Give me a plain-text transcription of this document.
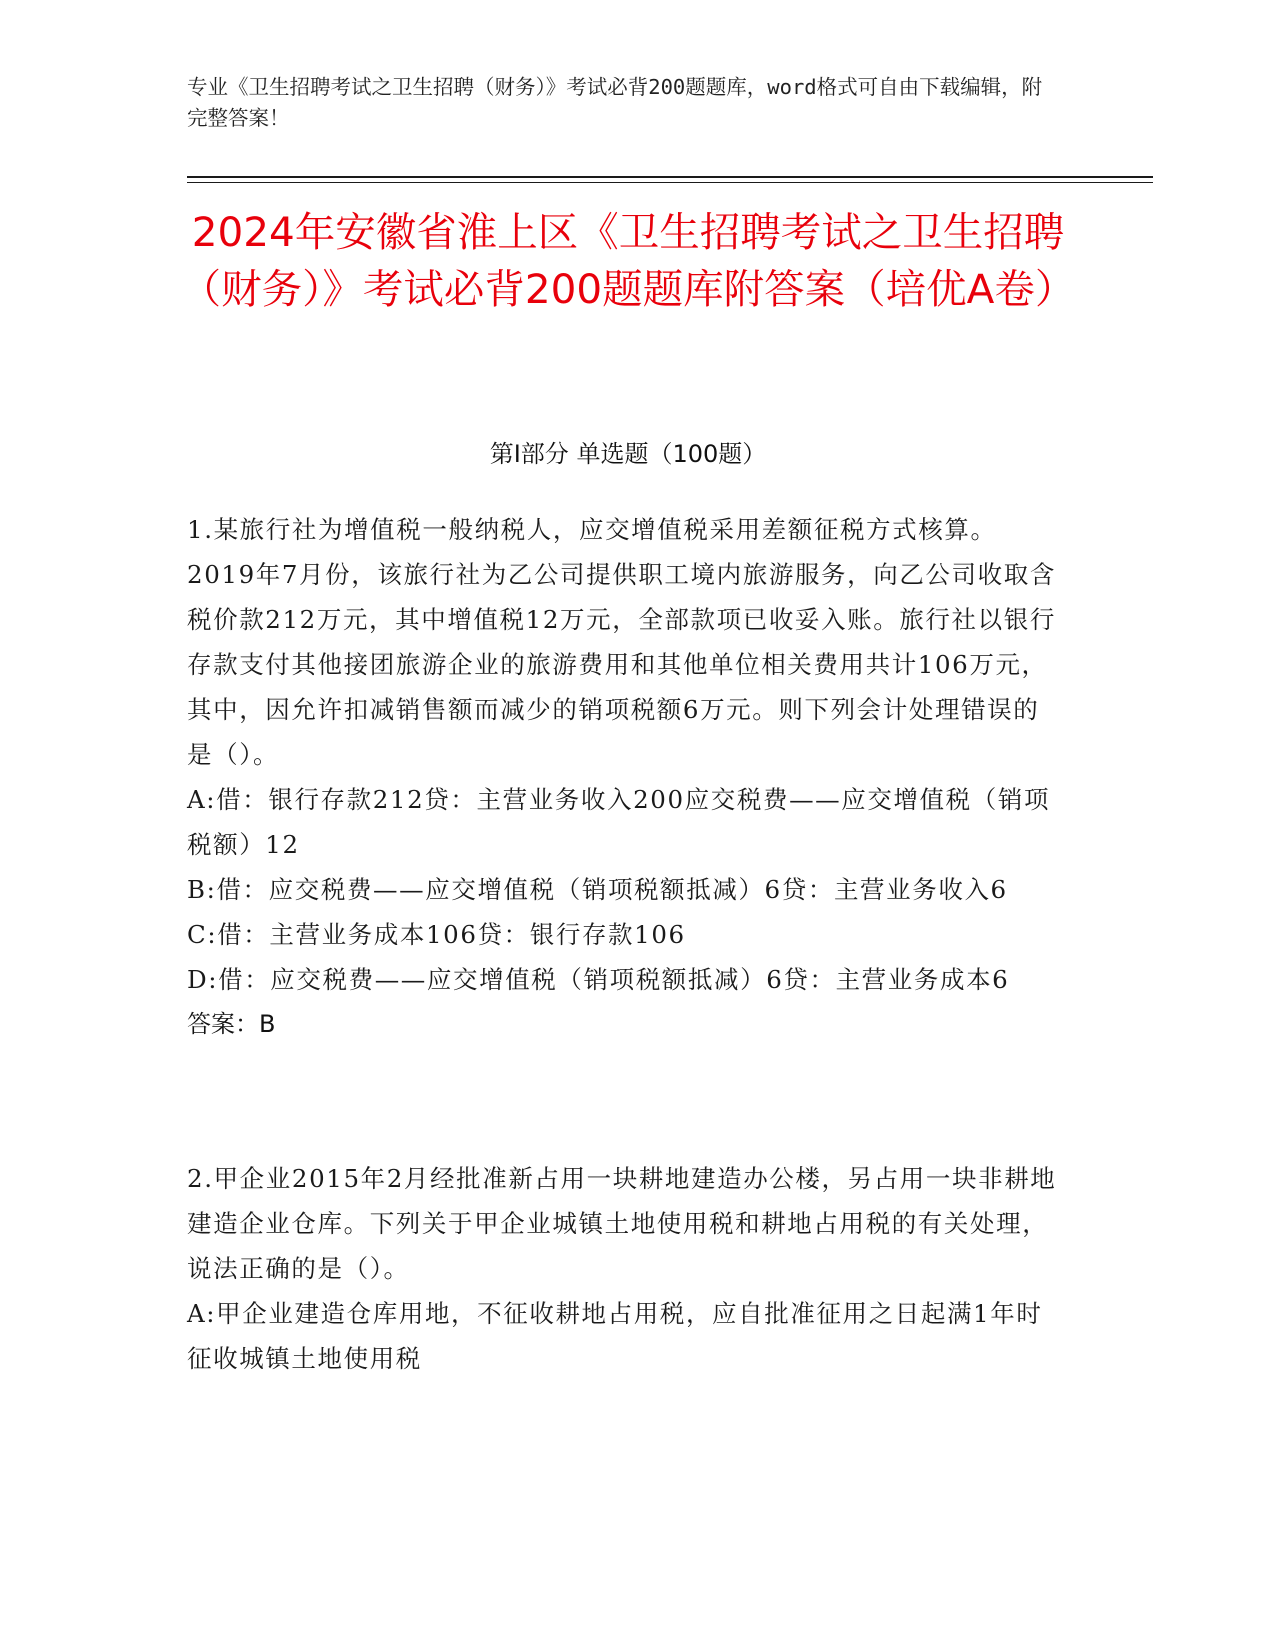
专业《卫生招聘考试之卫生招聘（财务）》考试必背200题题库，word格式可自由下载编辑，附完整答案！
2024年安徽省淮上区《卫生招聘考试之卫生招聘（财务）》考试必背200题题库附答案（培优A卷）
第I部分 单选题（100题）

1.某旅行社为增值税一般纳税人，应交增值税采用差额征税方式核算。2019年7月份，该旅行社为乙公司提供职工境内旅游服务，向乙公司收取含税价款212万元，其中增值税12万元，全部款项已收妥入账。旅行社以银行存款支付其他接团旅游企业的旅游费用和其他单位相关费用共计106万元，其中，因允许扣减销售额而减少的销项税额6万元。则下列会计处理错误的是（）。

A:借：银行存款212贷：主营业务收入200应交税费——应交增值税（销项税额）12

B:借：应交税费——应交增值税（销项税额抵减）6贷：主营业务收入6

C:借：主营业务成本106贷：银行存款106

D:借：应交税费——应交增值税（销项税额抵减）6贷：主营业务成本6

答案：B

2.甲企业2015年2月经批准新占用一块耕地建造办公楼，另占用一块非耕地建造企业仓库。下列关于甲企业城镇土地使用税和耕地占用税的有关处理，说法正确的是（）。

A:甲企业建造仓库用地，不征收耕地占用税，应自批准征用之日起满1年时征收城镇土地使用税
